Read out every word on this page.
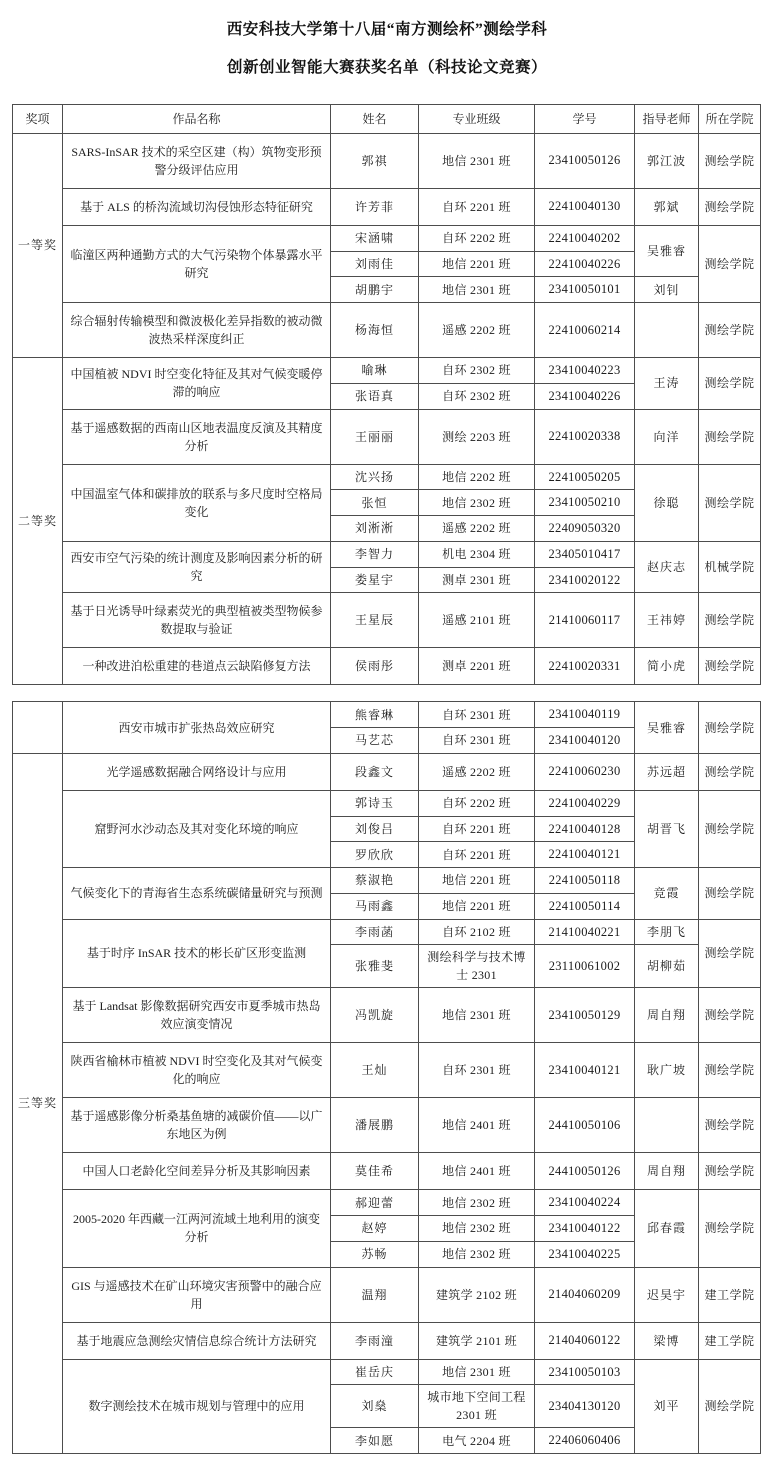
西安科技大学第十八届“南方测绘杯”测绘学科
创新创业智能大赛获奖名单（科技论文竞赛）
奖项	作品名称	姓名	专业班级	学号	指导老师	所在学院
一等奖	SARS-InSAR 技术的采空区建（构）筑物变形预警分级评估应用	郭祺	地信 2301 班	23410050126	郭江波	测绘学院
	基于 ALS 的桥沟流域切沟侵蚀形态特征研究	许芳菲	自环 2201 班	22410040130	郭斌	测绘学院
	临潼区两种通勤方式的大气污染物个体暴露水平研究	宋涵啸	自环 2202 班	22410040202	吴雅睿	测绘学院
		刘雨佳	地信 2201 班	22410040226		
		胡鹏宇	地信 2301 班	23410050101	刘钊	
	综合辐射传输模型和微波极化差异指数的被动微波热采样深度纠正	杨海恒	遥感 2202 班	22410060214		测绘学院
二等奖	中国植被 NDVI 时空变化特征及其对气候变暖停滞的响应	喻琳	自环 2302 班	23410040223	王涛	测绘学院
		张语真	自环 2302 班	23410040226		
	基于遥感数据的西南山区地表温度反演及其精度分析	王丽丽	测绘 2203 班	22410020338	向洋	测绘学院
	中国温室气体和碳排放的联系与多尺度时空格局变化	沈兴扬	地信 2202 班	22410050205	徐聪	测绘学院
		张恒	地信 2302 班	23410050210		
		刘淅淅	遥感 2202 班	22409050320		
	西安市空气污染的统计测度及影响因素分析的研究	李智力	机电 2304 班	23405010417	赵庆志	机械学院
		娄星宇	测卓 2301 班	23410020122		
	基于日光诱导叶绿素荧光的典型植被类型物候参数提取与验证	王星辰	遥感 2101 班	21410060117	王祎婷	测绘学院
	一种改进泊松重建的巷道点云缺陷修复方法	侯雨彤	测卓 2201 班	22410020331	简小虎	测绘学院
	西安市城市扩张热岛效应研究	熊睿琳	自环 2301 班	23410040119	吴雅睿	测绘学院
		马艺芯	自环 2301 班	23410040120		
三等奖	光学遥感数据融合网络设计与应用	段鑫文	遥感 2202 班	22410060230	苏远超	测绘学院
	窟野河水沙动态及其对变化环境的响应	郭诗玉	自环 2202 班	22410040229	胡晋飞	测绘学院
		刘俊吕	自环 2201 班	22410040128		
		罗欣欣	自环 2201 班	22410040121		
	气候变化下的青海省生态系统碳储量研究与预测	蔡淑艳	地信 2201 班	22410050118	竞霞	测绘学院
		马雨鑫	地信 2201 班	22410050114		
	基于时序 InSAR 技术的彬长矿区形变监测	李雨菡	自环 2102 班	21410040221	李朋飞	测绘学院
		张雅斐	测绘科学与技术博士 2301	23110061002	胡柳茹	
	基于 Landsat 影像数据研究西安市夏季城市热岛效应演变情况	冯凯旋	地信 2301 班	23410050129	周自翔	测绘学院
	陕西省榆林市植被 NDVI 时空变化及其对气候变化的响应	王灿	自环 2301 班	23410040121	耿广坡	测绘学院
	基于遥感影像分析桑基鱼塘的减碳价值——以广东地区为例	潘展鹏	地信 2401 班	24410050106		测绘学院
	中国人口老龄化空间差异分析及其影响因素	莫佳希	地信 2401 班	24410050126	周自翔	测绘学院
	2005-2020 年西藏一江两河流域土地利用的演变分析	郝迎蕾	地信 2302 班	23410040224	邱春霞	测绘学院
		赵婷	地信 2302 班	23410040122		
		苏畅	地信 2302 班	23410040225		
	GIS 与遥感技术在矿山环境灾害预警中的融合应用	温翔	建筑学 2102 班	21404060209	迟昊宇	建工学院
	基于地震应急测绘灾情信息综合统计方法研究	李雨潼	建筑学 2101 班	21404060122	梁博	建工学院
	数字测绘技术在城市规划与管理中的应用	崔岳庆	地信 2301 班	23410050103	刘平	测绘学院
		刘燊	城市地下空间工程 2301 班	23404130120		
		李如愿	电气 2204 班	22406060406		
